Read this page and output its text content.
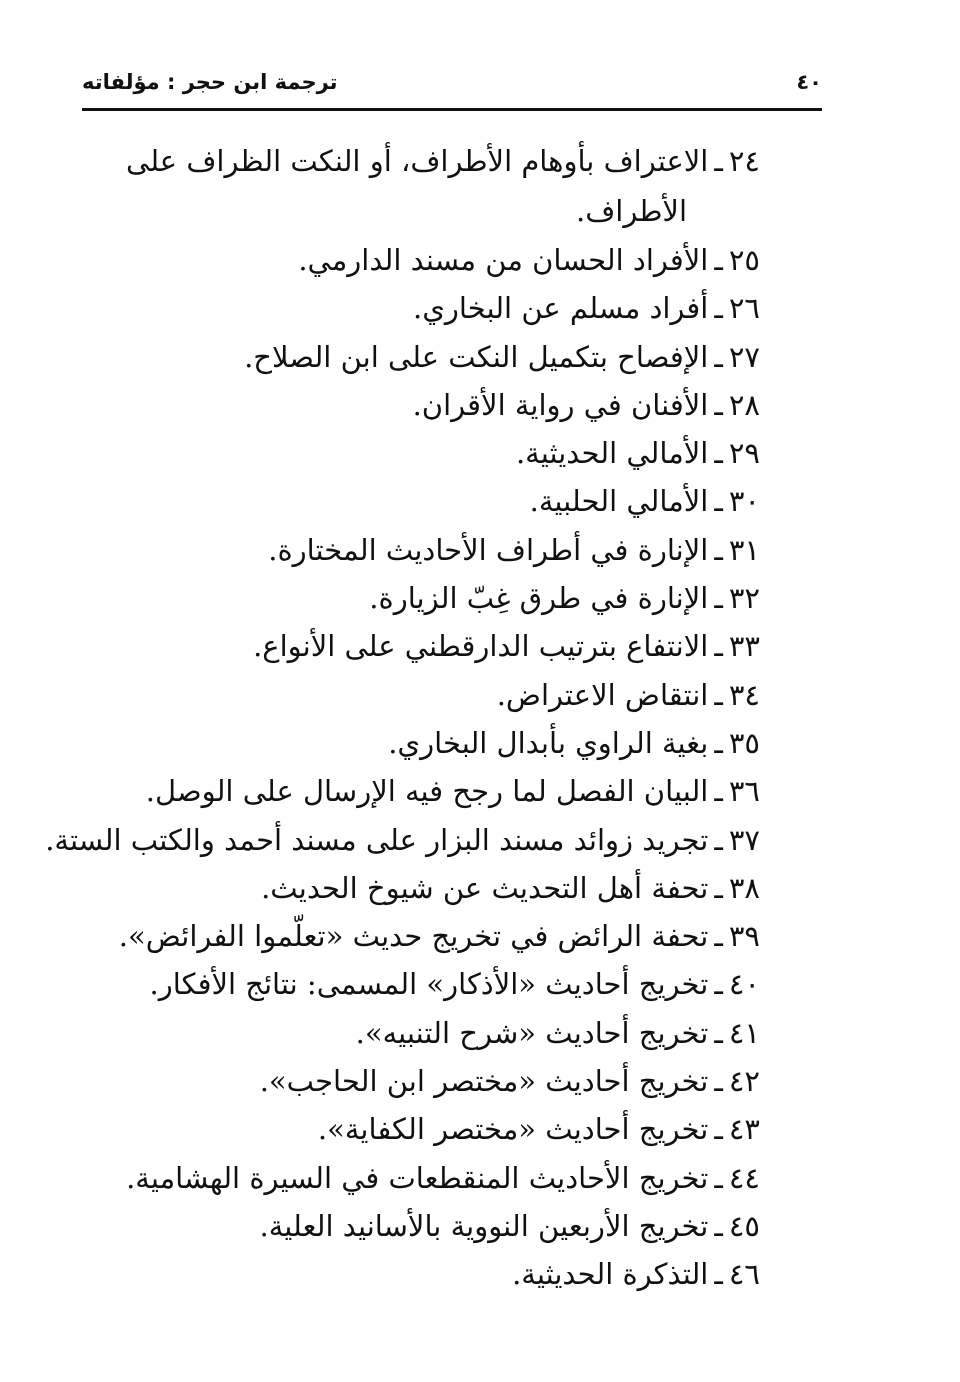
٤٠
ترجمة ابن حجر : مؤلفاته
٢٤ـالاعتراف بأوهام الأطراف، أو النكت الظراف على
الأطراف.
٢٥ـالأفراد الحسان من مسند الدارمي.
٢٦ـأفراد مسلم عن البخاري.
٢٧ـالإفصاح بتكميل النكت على ابن الصلاح.
٢٨ـالأفنان في رواية الأقران.
٢٩ـالأمالي الحديثية.
٣٠ـالأمالي الحلبية.
٣١ـالإنارة في أطراف الأحاديث المختارة.
٣٢ـالإنارة في طرق غِبّ الزيارة.
٣٣ـالانتفاع بترتيب الدارقطني على الأنواع.
٣٤ـانتقاض الاعتراض.
٣٥ـبغية الراوي بأبدال البخاري.
٣٦ـالبيان الفصل لما رجح فيه الإرسال على الوصل.
٣٧ـتجريد زوائد مسند البزار على مسند أحمد والكتب الستة.
٣٨ـتحفة أهل التحديث عن شيوخ الحديث.
٣٩ـتحفة الرائض في تخريج حديث «تعلّموا الفرائض».
٤٠ـتخريج أحاديث «الأذكار» المسمى: نتائج الأفكار.
٤١ـتخريج أحاديث «شرح التنبيه».
٤٢ـتخريج أحاديث «مختصر ابن الحاجب».
٤٣ـتخريج أحاديث «مختصر الكفاية».
٤٤ـتخريج الأحاديث المنقطعات في السيرة الهشامية.
٤٥ـتخريج الأربعين النووية بالأسانيد العلية.
٤٦ـالتذكرة الحديثية.
